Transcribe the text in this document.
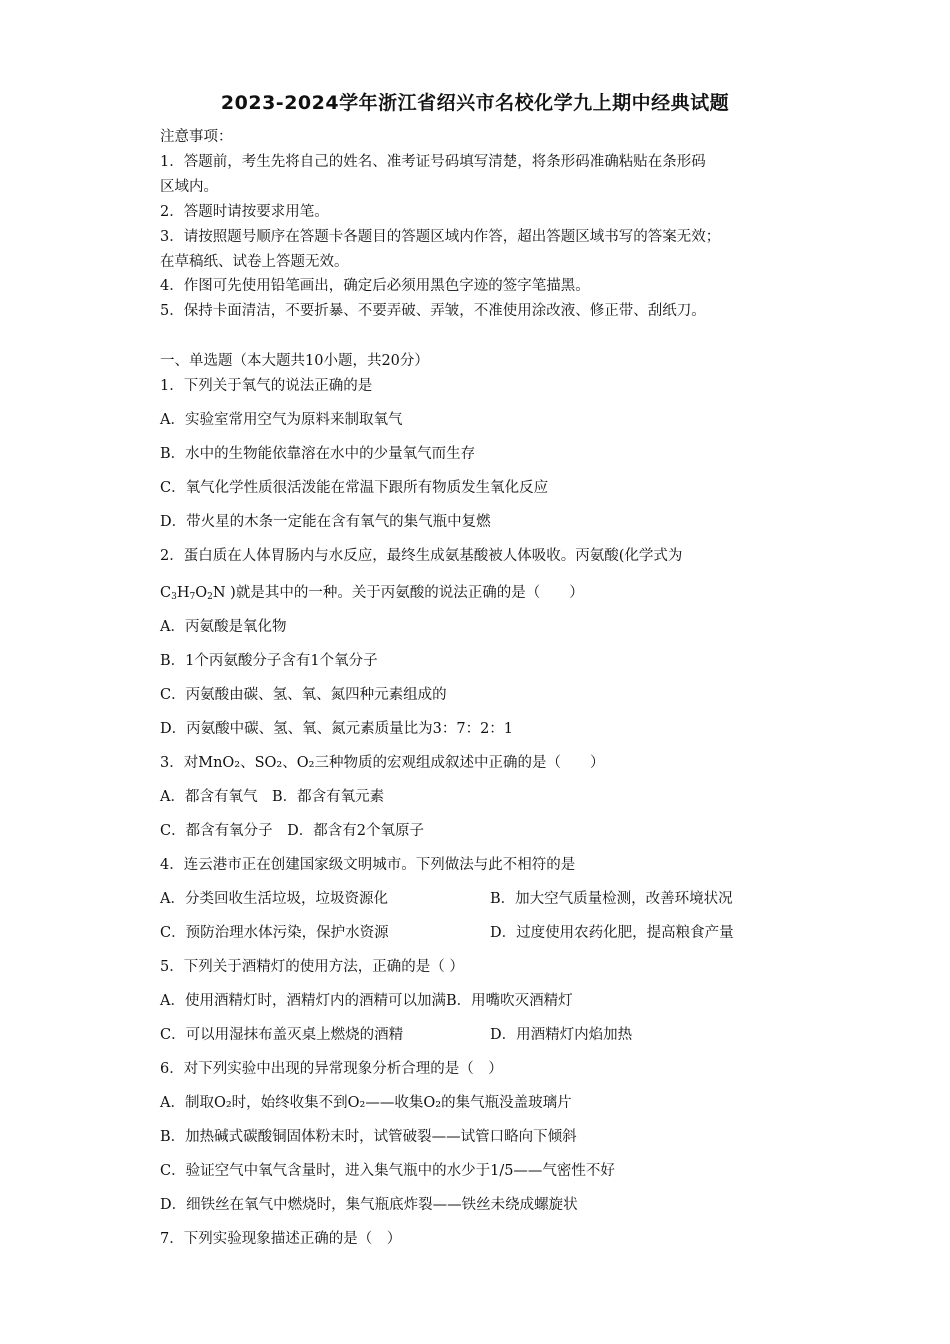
2023-2024学年浙江省绍兴市名校化学九上期中经典试题
注意事项：
1．答题前，考生先将自己的姓名、准考证号码填写清楚，将条形码准确粘贴在条形码
区域内。
2．答题时请按要求用笔。
3．请按照题号顺序在答题卡各题目的答题区域内作答，超出答题区域书写的答案无效；
在草稿纸、试卷上答题无效。
4．作图可先使用铅笔画出，确定后必须用黑色字迹的签字笔描黑。
5．保持卡面清洁，不要折暴、不要弄破、弄皱，不准使用涂改液、修正带、刮纸刀。
一、单选题（本大题共10小题，共20分）
1．下列关于氧气的说法正确的是
A．实验室常用空气为原料来制取氧气
B．水中的生物能依靠溶在水中的少量氧气而生存
C．氧气化学性质很活泼能在常温下跟所有物质发生氧化反应
D．带火星的木条一定能在含有氧气的集气瓶中复燃
2．蛋白质在人体胃肠内与水反应，最终生成氨基酸被人体吸收。丙氨酸(化学式为
$C_3H_7O_2N$ )就是其中的一种。关于丙氨酸的说法正确的是（　　）
A．丙氨酸是氧化物
B．1个丙氨酸分子含有1个氧分子
C．丙氨酸由碳、氢、氧、氮四种元素组成的
D．丙氨酸中碳、氢、氧、氮元素质量比为3：7：2：1
3．对MnO₂、SO₂、O₂三种物质的宏观组成叙述中正确的是（　　）
A．都含有氧气　B．都含有氧元素
C．都含有氧分子　D．都含有2个氧原子
4．连云港市正在创建国家级文明城市。下列做法与此不相符的是
A．分类回收生活垃圾，垃圾资源化	B．加大空气质量检测，改善环境状况
C．预防治理水体污染，保护水资源	D．过度使用农药化肥，提高粮食产量
5．下列关于酒精灯的使用方法，正确的是（ ）
A．使用酒精灯时，酒精灯内的酒精可以加满B．用嘴吹灭酒精灯
C．可以用湿抹布盖灭桌上燃烧的酒精	D．用酒精灯内焰加热
6．对下列实验中出现的异常现象分析合理的是（　）
A．制取O₂时，始终收集不到O₂——收集O₂的集气瓶没盖玻璃片
B．加热碱式碳酸铜固体粉末时，试管破裂——试管口略向下倾斜
C．验证空气中氧气含量时，进入集气瓶中的水少于1/5——气密性不好
D．细铁丝在氧气中燃烧时，集气瓶底炸裂——铁丝未绕成螺旋状
7．下列实验现象描述正确的是（　）
